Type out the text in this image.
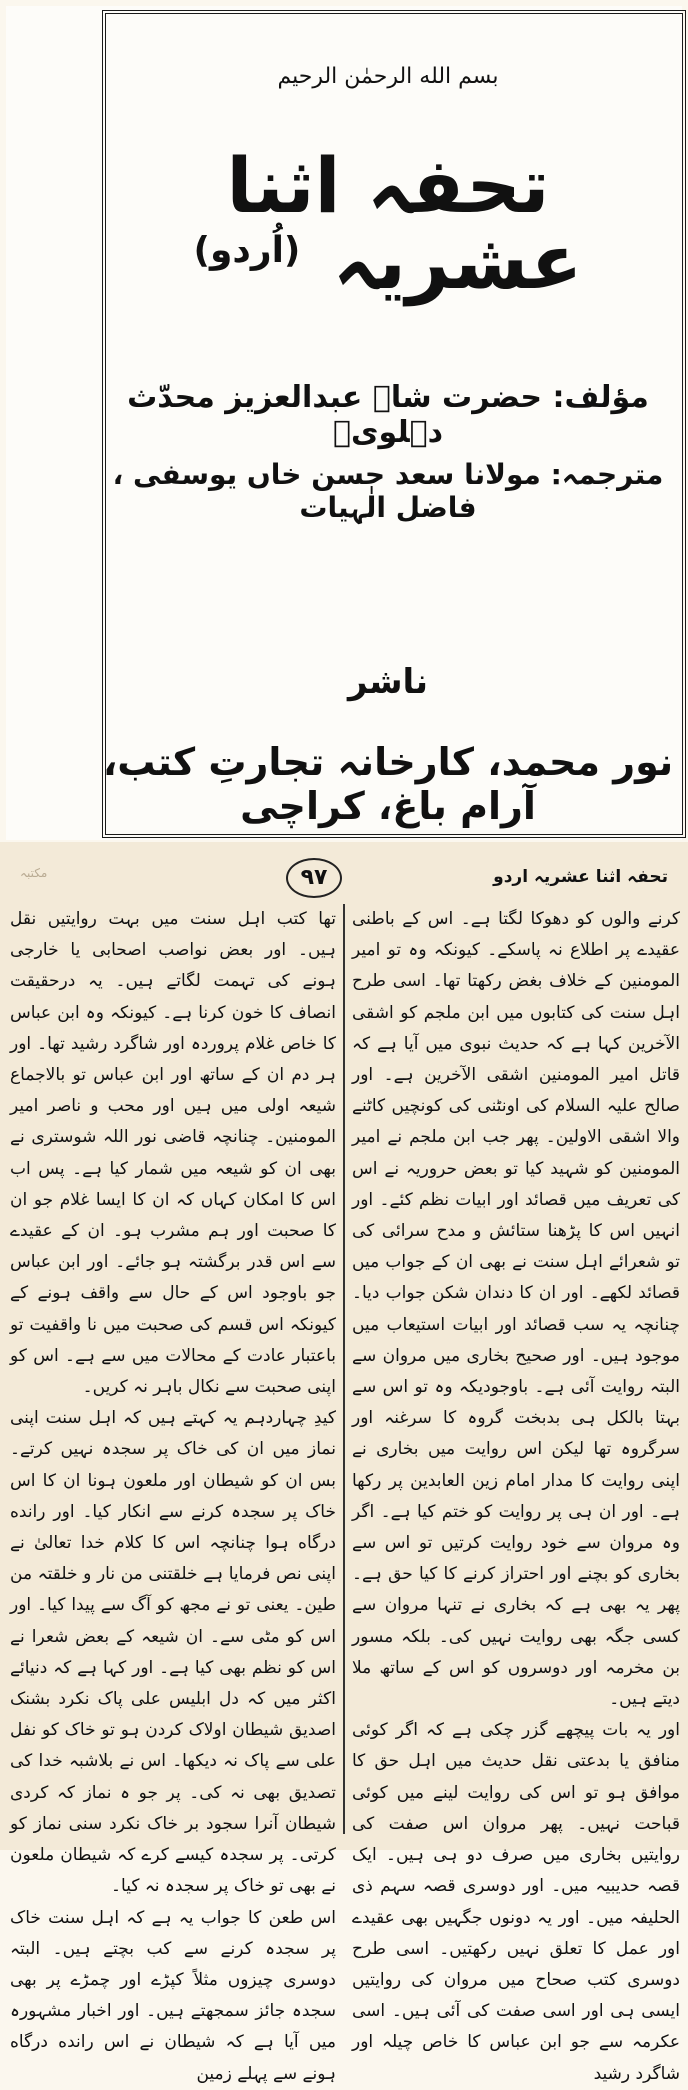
بسم الله الرحمٰن الرحيم
تحفہ اثنا عشریہ $^{(اُردو)}$
مؤلف: حضرت شاہ عبدالعزیز محدّث دہلویؒ
مترجمہ: مولانا سعد حسن خاں یوسفی ، فاضل الٰہیات
ناشر
نور محمد، کارخانہ تجارتِ کتب، آرام باغ، کراچی
تحفہ اثنا عشریہ اردو
٩٧
مکتبہ

کرنے والوں کو دھوکا لگتا ہے۔ اس کے باطنی عقیدے پر اطلاع نہ پاسکے۔ کیونکہ وہ تو امیر المومنین کے خلاف بغض رکھتا تھا۔ اسی طرح اہل سنت کی کتابوں میں ابن ملجم کو اشقی الآخرین کہا ہے کہ حدیث نبوی میں آیا ہے کہ قاتل امیر المومنین اشقی الآخرین ہے۔ اور صالح علیہ السلام کی اونٹنی کی کونچیں کاٹنے والا اشقی الاولین۔ پھر جب ابن ملجم نے امیر المومنین کو شہید کیا تو بعض حروریہ نے اس کی تعریف میں قصائد اور ابیات نظم کئے۔ اور انہیں اس کا پڑھنا ستائش و مدح سرائی کی تو شعرائے اہل سنت نے بھی ان کے جواب میں قصائد لکھے۔ اور ان کا دندان شکن جواب دیا۔ چنانچہ یہ سب قصائد اور ابیات استیعاب میں موجود ہیں۔ اور صحیح بخاری میں مروان سے البتہ روایت آئی ہے۔ باوجودیکہ وہ تو اس سے بہتا بالکل ہی بدبخت گروہ کا سرغنہ اور سرگروہ تھا لیکن اس روایت میں بخاری نے اپنی روایت کا مدار امام زین العابدین پر رکھا ہے۔ اور ان ہی پر روایت کو ختم کیا ہے۔ اگر وہ مروان سے خود روایت کرتیں تو اس سے بخاری کو بچنے اور احتراز کرنے کا کیا حق ہے۔ پھر یہ بھی ہے کہ بخاری نے تنہا مروان سے کسی جگہ بھی روایت نہیں کی۔ بلکہ مسور بن مخرمہ اور دوسروں کو اس کے ساتھ ملا دیتے ہیں۔

اور یہ بات پیچھے گزر چکی ہے کہ اگر کوئی منافق یا بدعتی نقل حدیث میں اہل حق کا موافق ہو تو اس کی روایت لینے میں کوئی قباحت نہیں۔ پھر مروان اس صفت کی روایتیں بخاری میں صرف دو ہی ہیں۔ ایک قصہ حدیبیہ میں۔ اور دوسری قصہ سہم ذی الحلیفہ میں۔ اور یہ دونوں جگہیں بھی عقیدے اور عمل کا تعلق نہیں رکھتیں۔ اسی طرح دوسری کتب صحاح میں مروان کی روایتیں ایسی ہی اور اسی صفت کی آئی ہیں۔ اسی عکرمہ سے جو ابن عباس کا خاص چیلہ اور شاگرد رشید

تھا کتب اہل سنت میں بہت روایتیں نقل ہیں۔ اور بعض نواصب اصحابی یا خارجی ہونے کی تہمت لگاتے ہیں۔ یہ درحقیقت انصاف کا خون کرنا ہے۔ کیونکہ وہ ابن عباس کا خاص غلام پروردہ اور شاگرد رشید تھا۔ اور ہر دم ان کے ساتھ اور ابن عباس تو بالاجماع شیعہ اولی میں ہیں اور محب و ناصر امیر المومنین۔ چنانچہ قاضی نور اللہ شوستری نے بھی ان کو شیعہ میں شمار کیا ہے۔ پس اب اس کا امکان کہاں کہ ان کا ایسا غلام جو ان کا صحبت اور ہم مشرب ہو۔ ان کے عقیدے سے اس قدر برگشتہ ہو جائے۔ اور ابن عباس جو باوجود اس کے حال سے واقف ہونے کے کیونکہ اس قسم کی صحبت میں نا واقفیت تو باعتبار عادت کے محالات میں سے ہے۔ اس کو اپنی صحبت سے نکال باہر نہ کریں۔

کیدِ چہاردہم یہ کہتے ہیں کہ اہل سنت اپنی نماز میں ان کی خاک پر سجدہ نہیں کرتے۔ بس ان کو شیطان اور ملعون ہونا ان کا اس خاک پر سجدہ کرنے سے انکار کیا۔ اور رانده درگاه ہوا چنانچہ اس کا کلام خدا تعالیٰ نے اپنی نص فرمایا ہے خلقتنی من نار و خلقتہ من طین۔ یعنی تو نے مجھ کو آگ سے پیدا کیا۔ اور اس کو مٹی سے۔ ان شیعہ کے بعض شعرا نے اس کو نظم بھی کیا ہے۔ اور کہا ہے کہ دنیائے اکثر میں کہ دل ابلیس علی پاک نکرد بشنک اصدیق شیطان اولاک کردن ہو تو خاک کو نفل علی سے پاک نہ دیکھا۔ اس نے بلاشبہ خدا کی تصدیق بھی نہ کی۔ پر جو ہ نماز کہ کردی شیطان آنرا سجود بر خاک نکرد سنی نماز کو کرتی۔ پر سجدہ کیسے کرے کہ شیطان ملعون نے بھی تو خاک پر سجدہ نہ کیا۔

اس طعن کا جواب یہ ہے کہ اہل سنت خاک پر سجدہ کرنے سے کب بچتے ہیں۔ البتہ دوسری چیزوں مثلاً کپڑے اور چمڑے پر بھی سجدہ جائز سمجھتے ہیں۔ اور اخبار مشہورہ میں آیا ہے کہ شیطان نے اس رانده درگاه ہونے سے پہلے زمین
